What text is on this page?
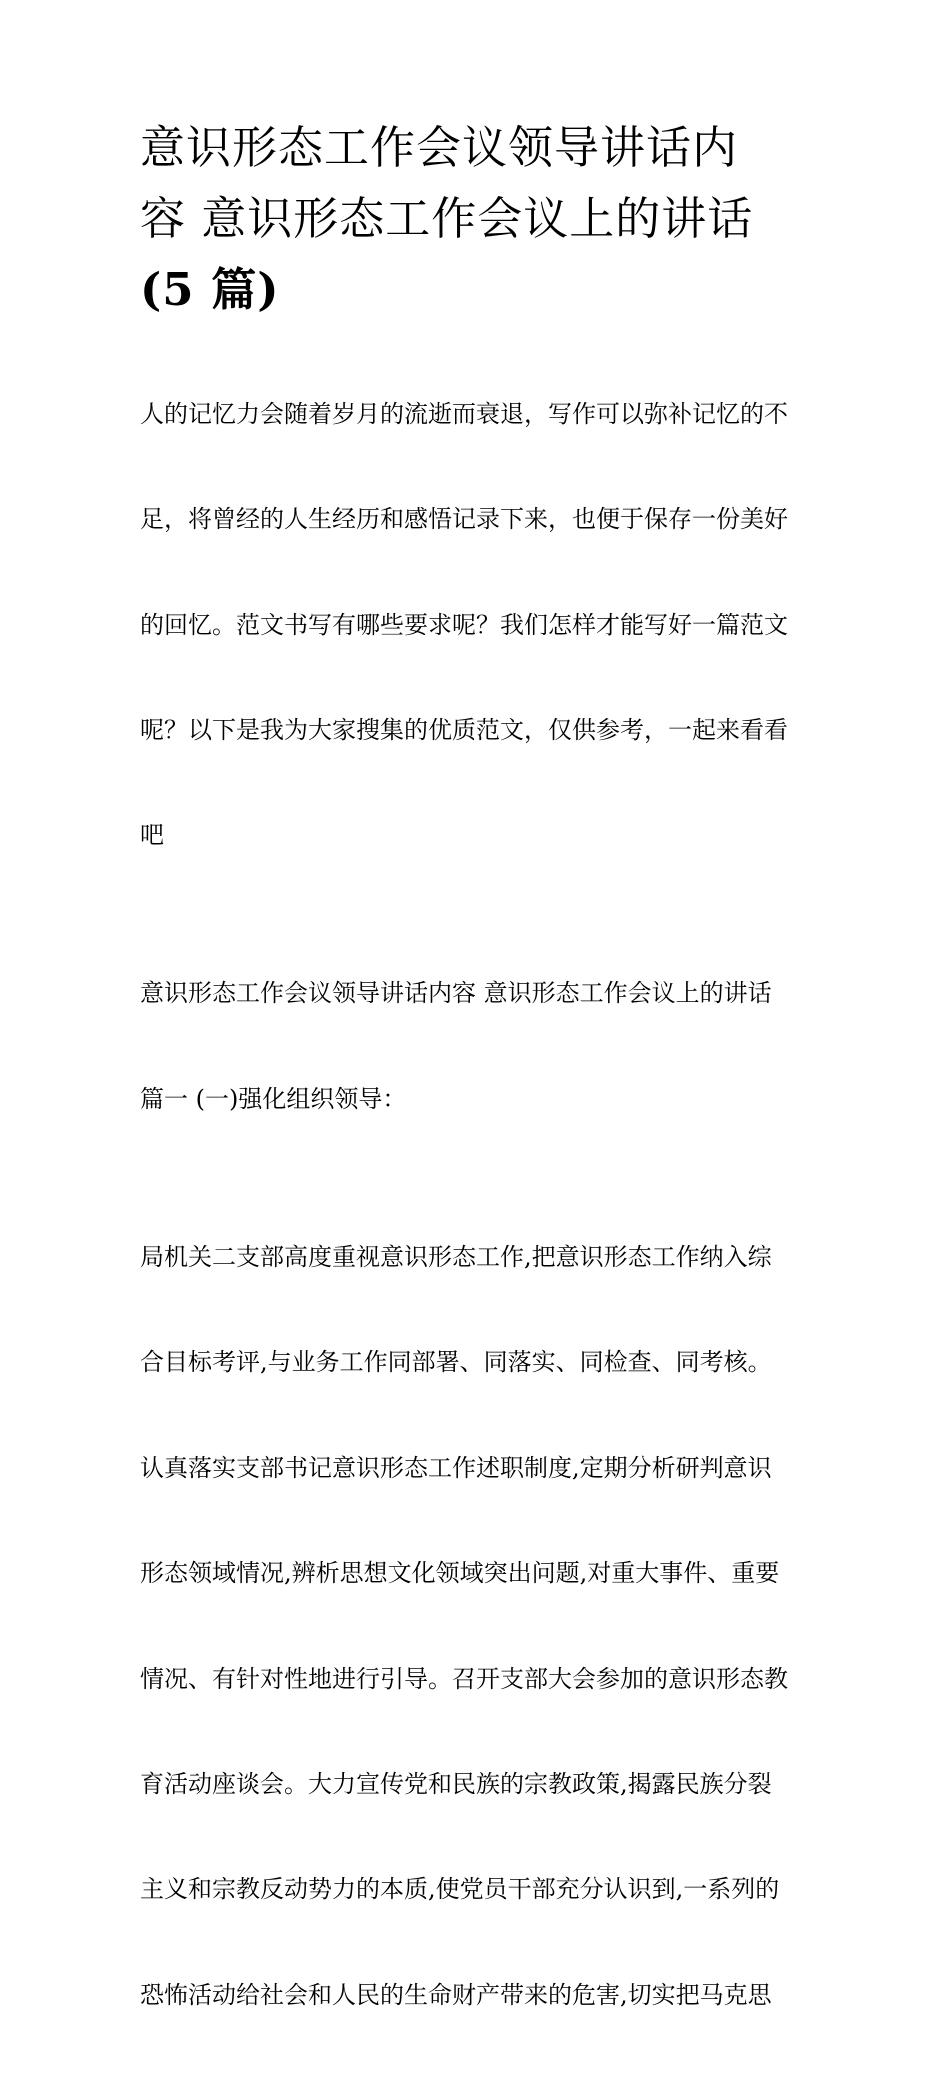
意识形态工作会议领导讲话内
容 意识形态工作会议上的讲话
(5 篇)

人的记忆力会随着岁月的流逝而衰退，写作可以弥补记忆的不

足，将曾经的人生经历和感悟记录下来，也便于保存一份美好

的回忆。范文书写有哪些要求呢？我们怎样才能写好一篇范文

呢？以下是我为大家搜集的优质范文，仅供参考，一起来看看

吧

意识形态工作会议领导讲话内容 意识形态工作会议上的讲话

篇一 (一)强化组织领导：

局机关二支部高度重视意识形态工作,把意识形态工作纳入综

合目标考评,与业务工作同部署、同落实、同检查、同考核。

认真落实支部书记意识形态工作述职制度,定期分析研判意识

形态领域情况,辨析思想文化领域突出问题,对重大事件、重要

情况、有针对性地进行引导。召开支部大会参加的意识形态教

育活动座谈会。大力宣传党和民族的宗教政策,揭露民族分裂

主义和宗教反动势力的本质,使党员干部充分认识到,一系列的

恐怖活动给社会和人民的生命财产带来的危害,切实把马克思
